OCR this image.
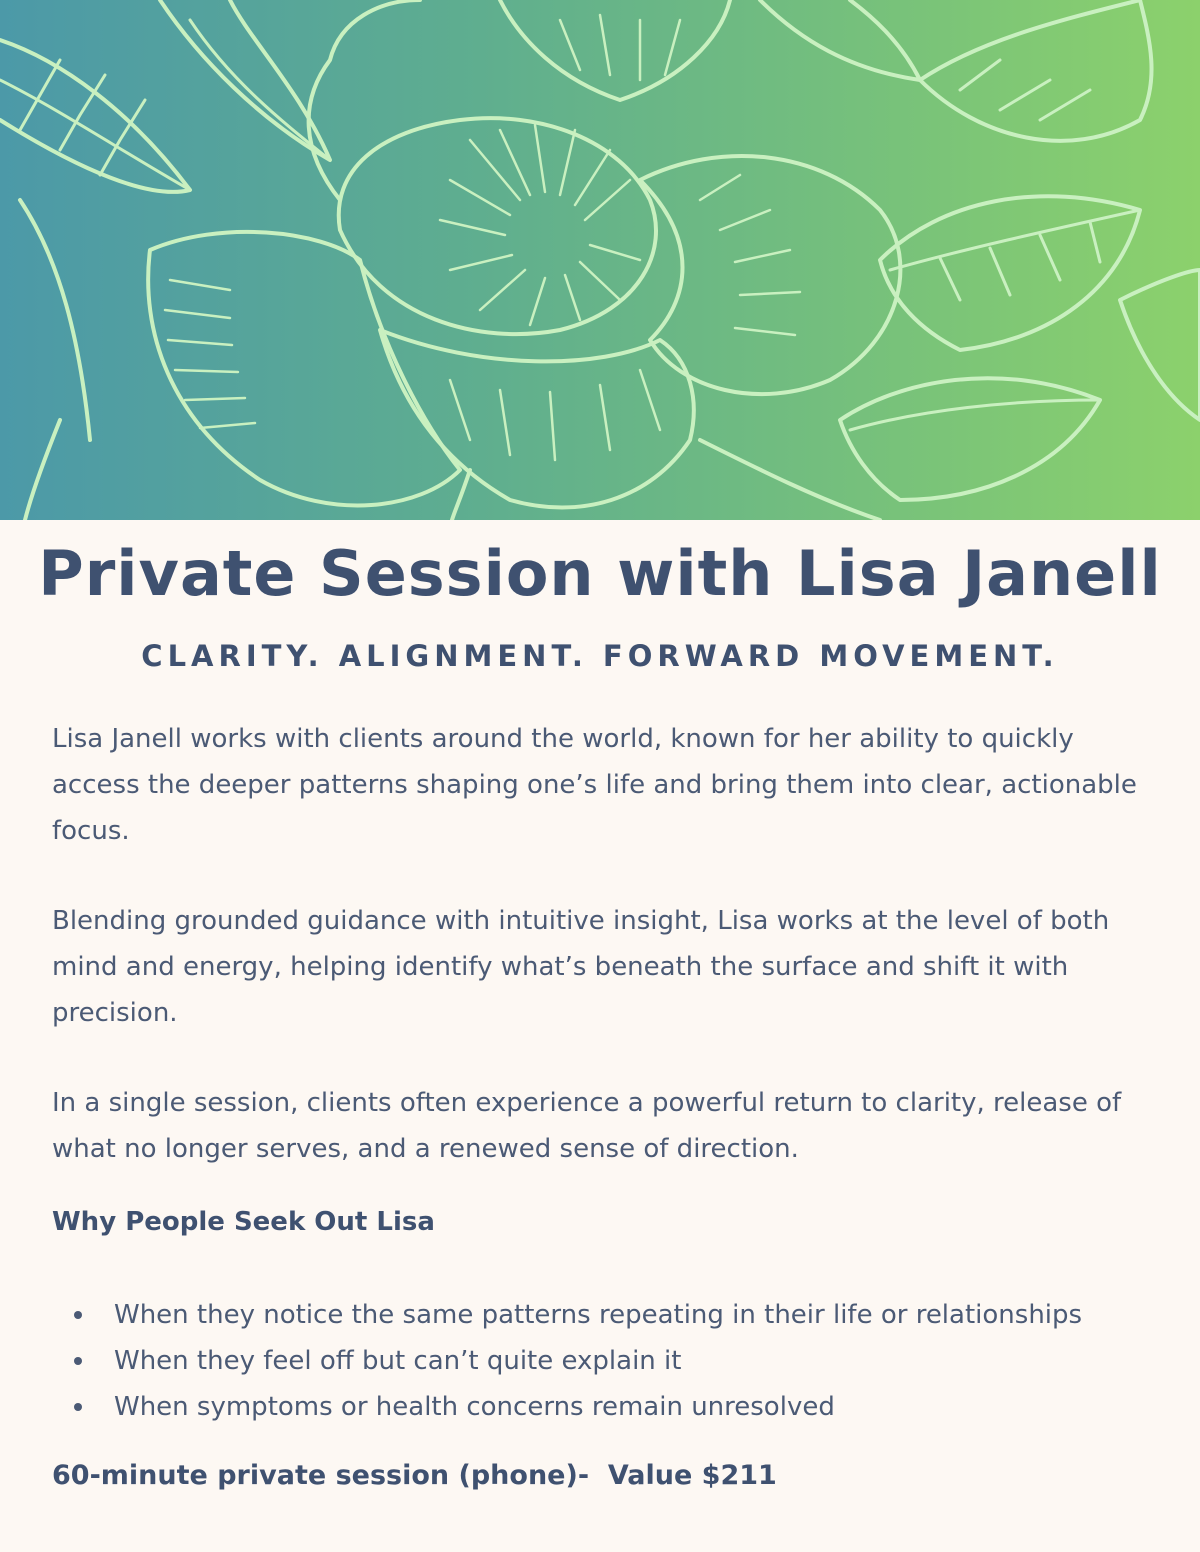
Private Session with Lisa Janell
CLARITY. ALIGNMENT. FORWARD MOVEMENT.

Lisa Janell works with clients around the world, known for her ability to quickly access the deeper patterns shaping one’s life and bring them into clear, actionable focus.

Blending grounded guidance with intuitive insight, Lisa works at the level of both mind and energy, helping identify what’s beneath the surface and shift it with precision.

In a single session, clients often experience a powerful return to clarity, release of what no longer serves, and a renewed sense of direction.

Why People Seek Out Lisa
When they notice the same patterns repeating in their life or relationships
When they feel off but can’t quite explain it
When symptoms or health concerns remain unresolved

60-minute private session (phone)-  Value $211
